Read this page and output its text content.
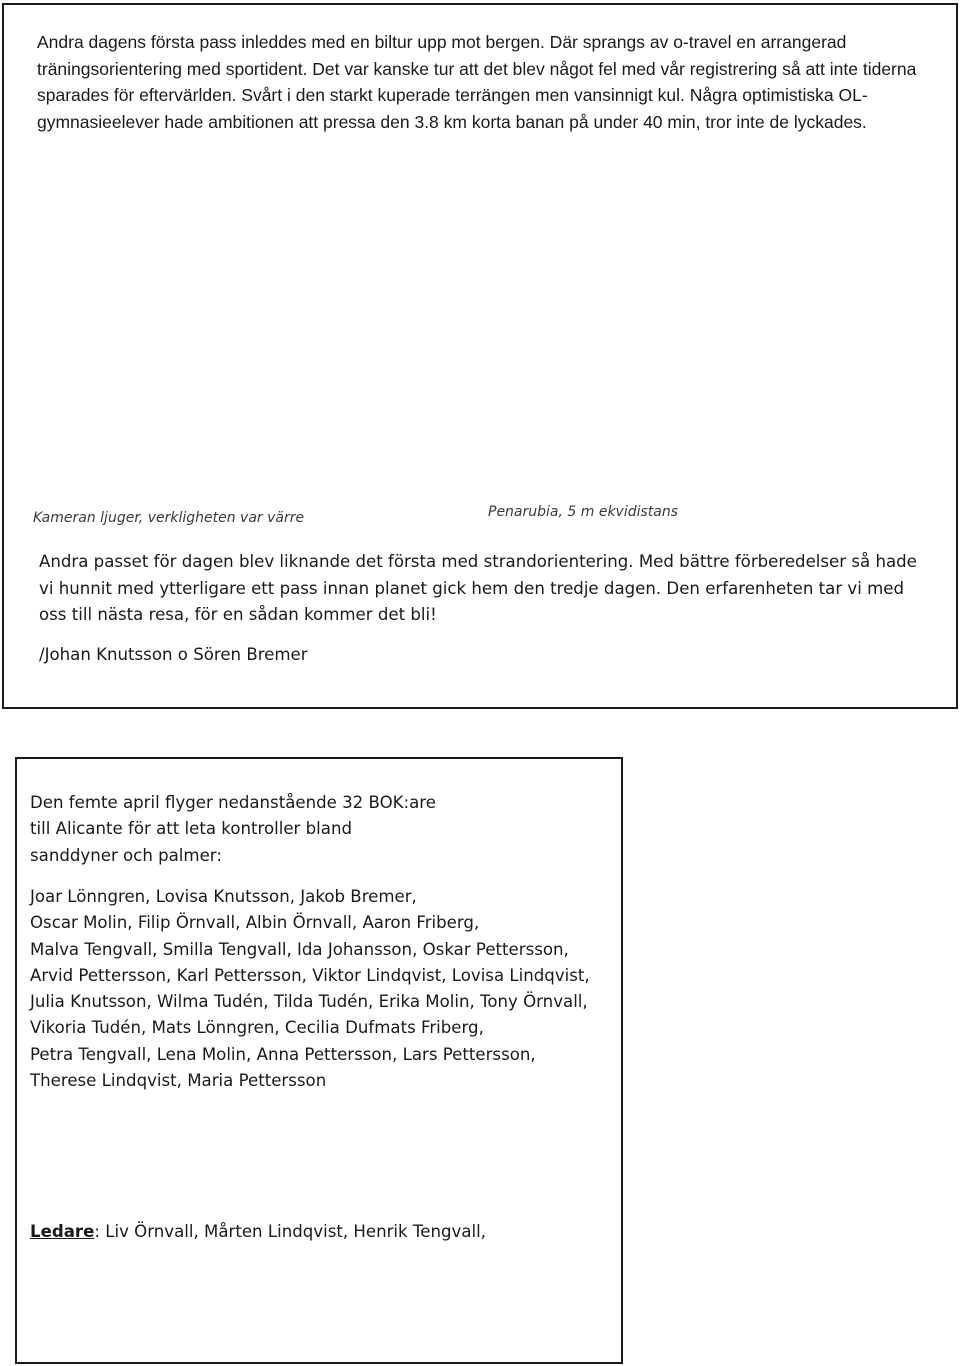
Andra dagens första pass inleddes med en biltur upp mot bergen. Där sprangs av o-travel en arrangerad träningsorientering med sportident. Det var kanske tur att det blev något fel med vår registrering så att inte tiderna sparades för eftervärlden. Svårt i den starkt kuperade terrängen men vansinnigt kul. Några optimistiska OL-gymnasieelever hade ambitionen att pressa den 3.8 km korta banan på under 40 min, tror inte de lyckades.

Kameran ljuger, verkligheten var värre	Penarubia, 5 m ekvidistans

Andra passet för dagen blev liknande det första med strandorientering. Med bättre förberedelser så hade vi hunnit med ytterligare ett pass innan planet gick hem den tredje dagen. Den erfarenheten tar vi med oss till nästa resa, för en sådan kommer det bli!

/Johan Knutsson o Sören Bremer

Den femte april flyger nedanstående 32 BOK:are
till Alicante för att leta kontroller bland
sanddyner och palmer:

Joar Lönngren, Lovisa Knutsson, Jakob Bremer,
Oscar Molin, Filip Örnvall, Albin Örnvall, Aaron Friberg,
Malva Tengvall, Smilla Tengvall, Ida Johansson, Oskar Pettersson,
Arvid Pettersson, Karl Pettersson, Viktor Lindqvist, Lovisa Lindqvist,
Julia Knutsson, Wilma Tudén, Tilda Tudén, Erika Molin, Tony Örnvall,
Vikoria Tudén, Mats Lönngren, Cecilia Dufmats Friberg,
Petra Tengvall, Lena Molin, Anna Pettersson, Lars Pettersson,
Therese Lindqvist, Maria Pettersson

Ledare: Liv Örnvall, Mårten Lindqvist, Henrik Tengvall,
